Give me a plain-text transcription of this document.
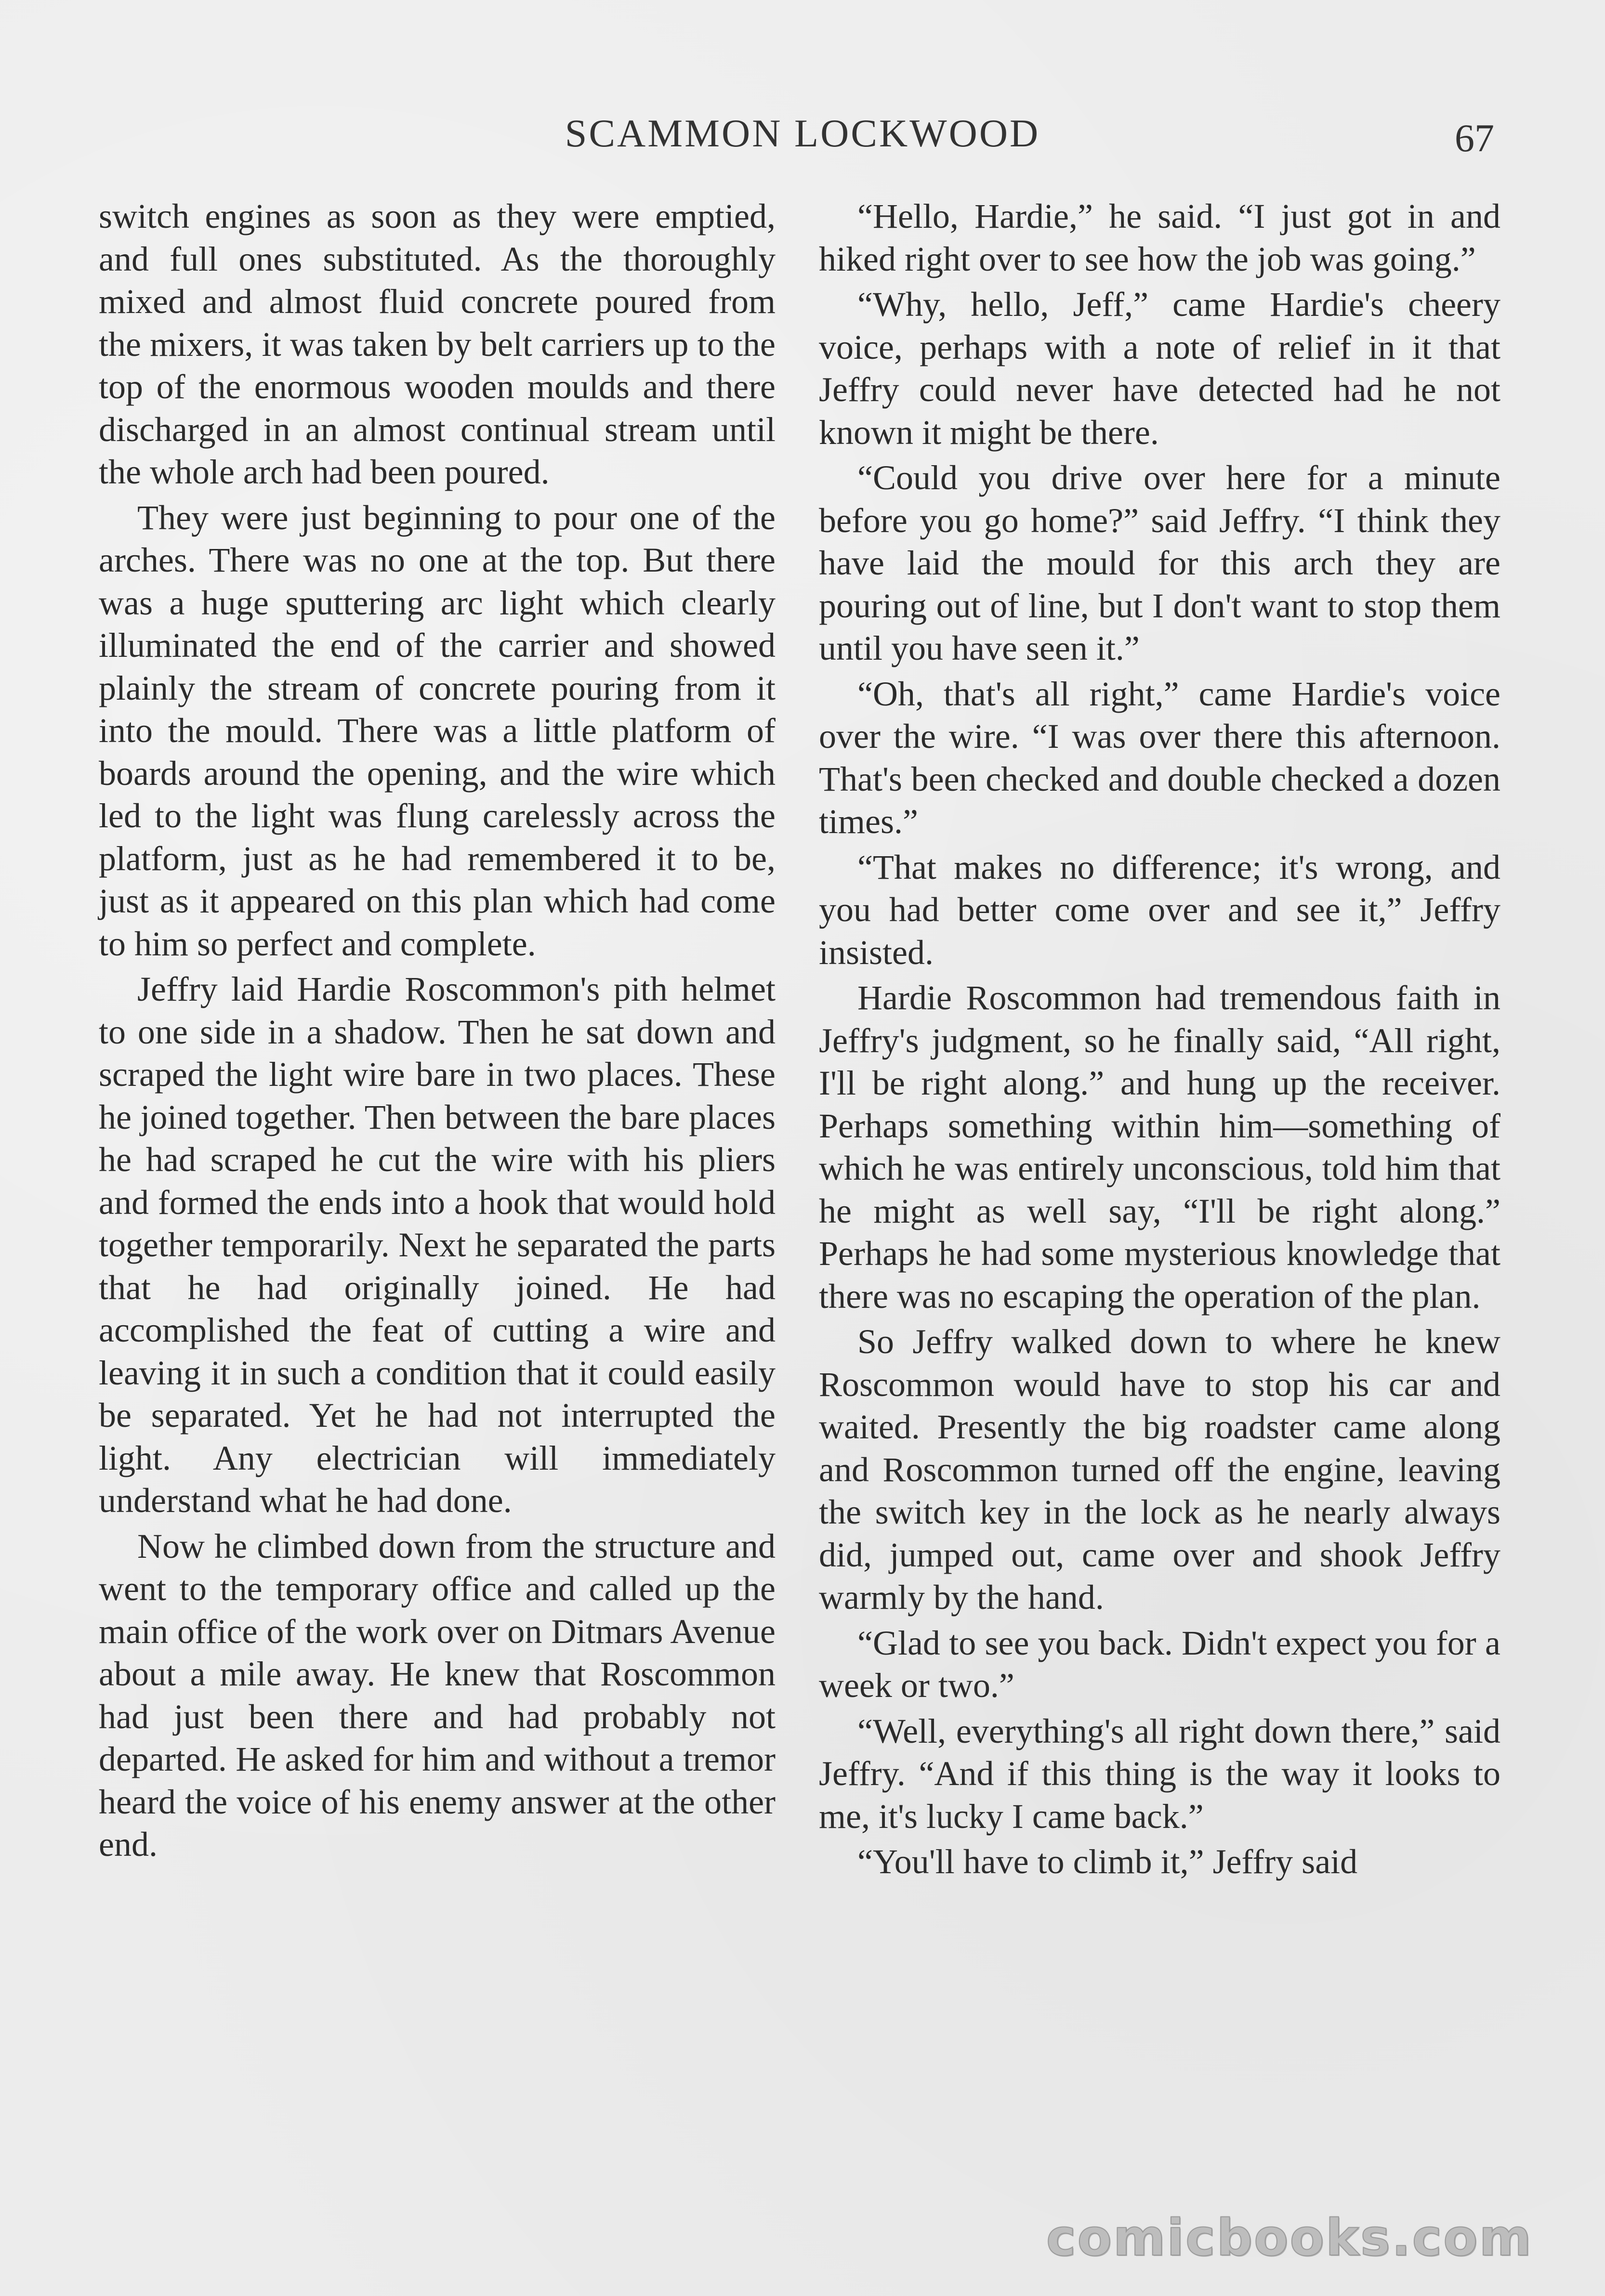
SCAMMON LOCKWOOD	67

switch engines as soon as they were emptied, and full ones substituted. As the thoroughly mixed and almost fluid concrete poured from the mixers, it was taken by belt carriers up to the top of the enormous wooden moulds and there discharged in an almost continual stream until the whole arch had been poured.

They were just beginning to pour one of the arches. There was no one at the top. But there was a huge sputtering arc light which clearly illuminated the end of the carrier and showed plainly the stream of concrete pouring from it into the mould. There was a little platform of boards around the opening, and the wire which led to the light was flung carelessly across the platform, just as he had remembered it to be, just as it appeared on this plan which had come to him so perfect and complete.

Jeffry laid Hardie Roscommon's pith helmet to one side in a shadow. Then he sat down and scraped the light wire bare in two places. These he joined together. Then between the bare places he had scraped he cut the wire with his pliers and formed the ends into a hook that would hold together temporarily. Next he separated the parts that he had originally joined. He had accomplished the feat of cutting a wire and leaving it in such a condition that it could easily be separated. Yet he had not interrupted the light. Any electrician will immediately understand what he had done.

Now he climbed down from the structure and went to the temporary office and called up the main office of the work over on Ditmars Avenue about a mile away. He knew that Roscommon had just been there and had probably not departed. He asked for him and without a tremor heard the voice of his enemy answer at the other end.

“Hello, Hardie,” he said. “I just got in and hiked right over to see how the job was going.”

“Why, hello, Jeff,” came Hardie's cheery voice, perhaps with a note of relief in it that Jeffry could never have detected had he not known it might be there.

“Could you drive over here for a minute before you go home?” said Jeffry. “I think they have laid the mould for this arch they are pouring out of line, but I don't want to stop them until you have seen it.”

“Oh, that's all right,” came Hardie's voice over the wire. “I was over there this afternoon. That's been checked and double checked a dozen times.”

“That makes no difference; it's wrong, and you had better come over and see it,” Jeffry insisted.

Hardie Roscommon had tremendous faith in Jeffry's judgment, so he finally said, “All right, I'll be right along.” and hung up the receiver. Perhaps something within him—something of which he was entirely unconscious, told him that he might as well say, “I'll be right along.” Perhaps he had some mysterious knowledge that there was no escaping the operation of the plan.

So Jeffry walked down to where he knew Roscommon would have to stop his car and waited. Presently the big roadster came along and Roscommon turned off the engine, leaving the switch key in the lock as he nearly always did, jumped out, came over and shook Jeffry warmly by the hand.

“Glad to see you back. Didn't expect you for a week or two.”

“Well, everything's all right down there,” said Jeffry. “And if this thing is the way it looks to me, it's lucky I came back.”

“You'll have to climb it,” Jeffry said

comicbooks.com
